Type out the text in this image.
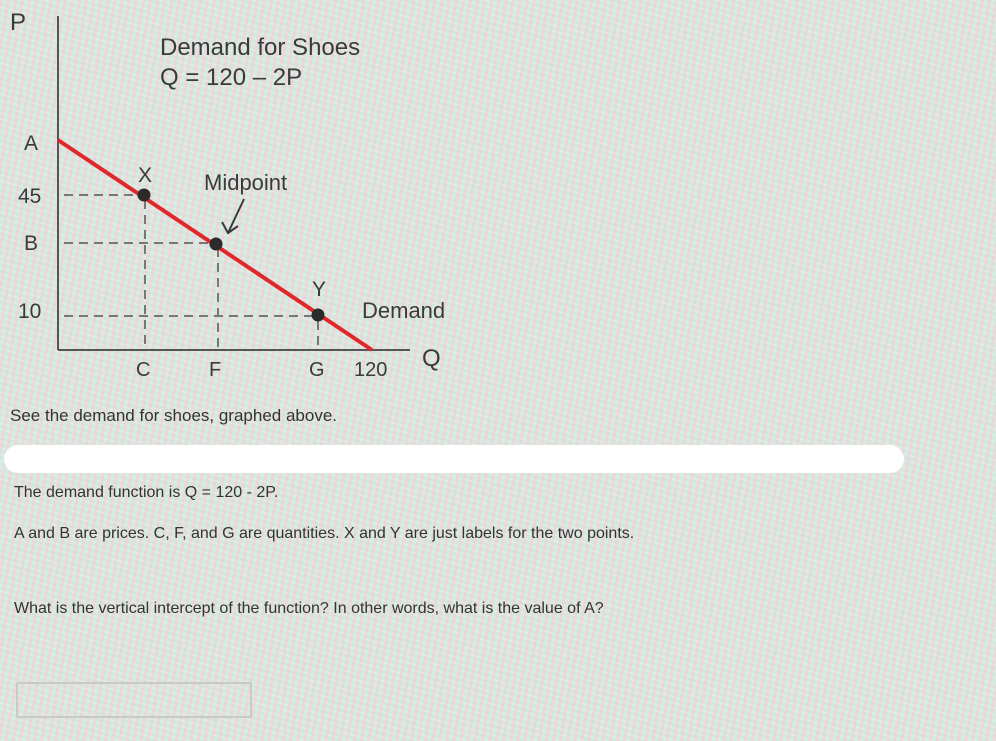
P
Q
Demand for Shoes
Q = 120 – 2P
A
45
B
10
X
Y
Midpoint
Demand
C	F	G 120
See the demand for shoes, graphed above.
The demand function is Q = 120 - 2P.
A and B are prices. C, F, and G are quantities. X and Y are just labels for the two points.
What is the vertical intercept of the function? In other words, what is the value of A?
